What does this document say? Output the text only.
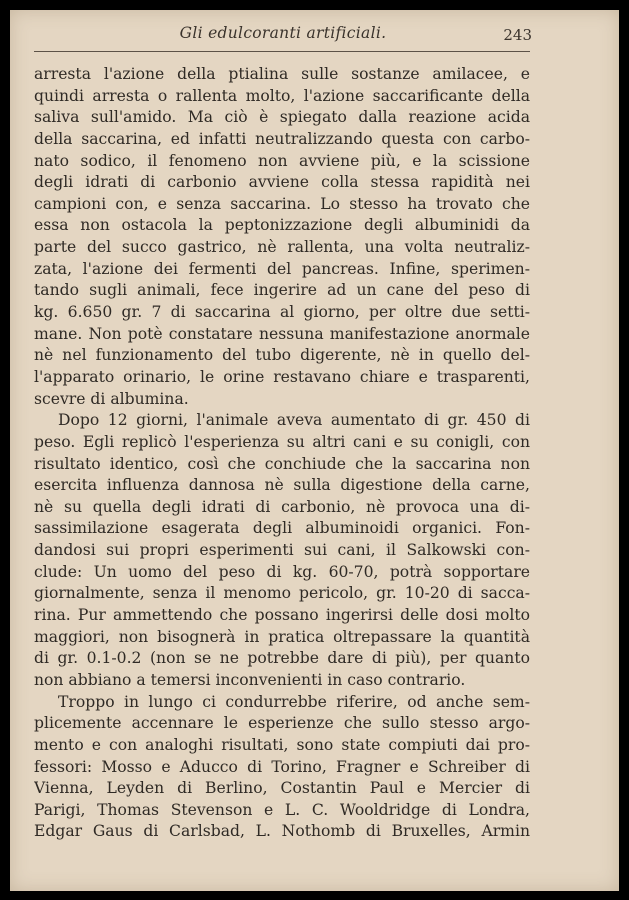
Gli edulcoranti artificiali.	243
arresta l'azione della ptialina sulle sostanze amilacee, e
quindi arresta o rallenta molto, l'azione saccarificante della
saliva sull'amido. Ma ciò è spiegato dalla reazione acida
della saccarina, ed infatti neutralizzando questa con carbo-
nato sodico, il fenomeno non avviene più, e la scissione
degli idrati di carbonio avviene colla stessa rapidità nei
campioni con, e senza saccarina. Lo stesso ha trovato che
essa non ostacola la peptonizzazione degli albuminidi da
parte del succo gastrico, nè rallenta, una volta neutraliz-
zata, l'azione dei fermenti del pancreas. Infine, sperimen-
tando sugli animali, fece ingerire ad un cane del peso di
kg. 6.650 gr. 7 di saccarina al giorno, per oltre due setti-
mane. Non potè constatare nessuna manifestazione anormale
nè nel funzionamento del tubo digerente, nè in quello del-
l'apparato orinario, le orine restavano chiare e trasparenti,
scevre di albumina.
Dopo 12 giorni, l'animale aveva aumentato di gr. 450 di
peso. Egli replicò l'esperienza su altri cani e su conigli, con
risultato identico, così che conchiude che la saccarina non
esercita influenza dannosa nè sulla digestione della carne,
nè su quella degli idrati di carbonio, nè provoca una di-
sassimilazione esagerata degli albuminoidi organici. Fon-
dandosi sui propri esperimenti sui cani, il Salkowski con-
clude: Un uomo del peso di kg. 60-70, potrà sopportare
giornalmente, senza il menomo pericolo, gr. 10-20 di sacca-
rina. Pur ammettendo che possano ingerirsi delle dosi molto
maggiori, non bisognerà in pratica oltrepassare la quantità
di gr. 0.1-0.2 (non se ne potrebbe dare di più), per quanto
non abbiano a temersi inconvenienti in caso contrario.
Troppo in lungo ci condurrebbe riferire, od anche sem-
plicemente accennare le esperienze che sullo stesso argo-
mento e con analoghi risultati, sono state compiuti dai pro-
fessori: Mosso e Aducco di Torino, Fragner e Schreiber di
Vienna, Leyden di Berlino, Costantin Paul e Mercier di
Parigi, Thomas Stevenson e L. C. Wooldridge di Londra,
Edgar Gaus di Carlsbad, L. Nothomb di Bruxelles, Armin
